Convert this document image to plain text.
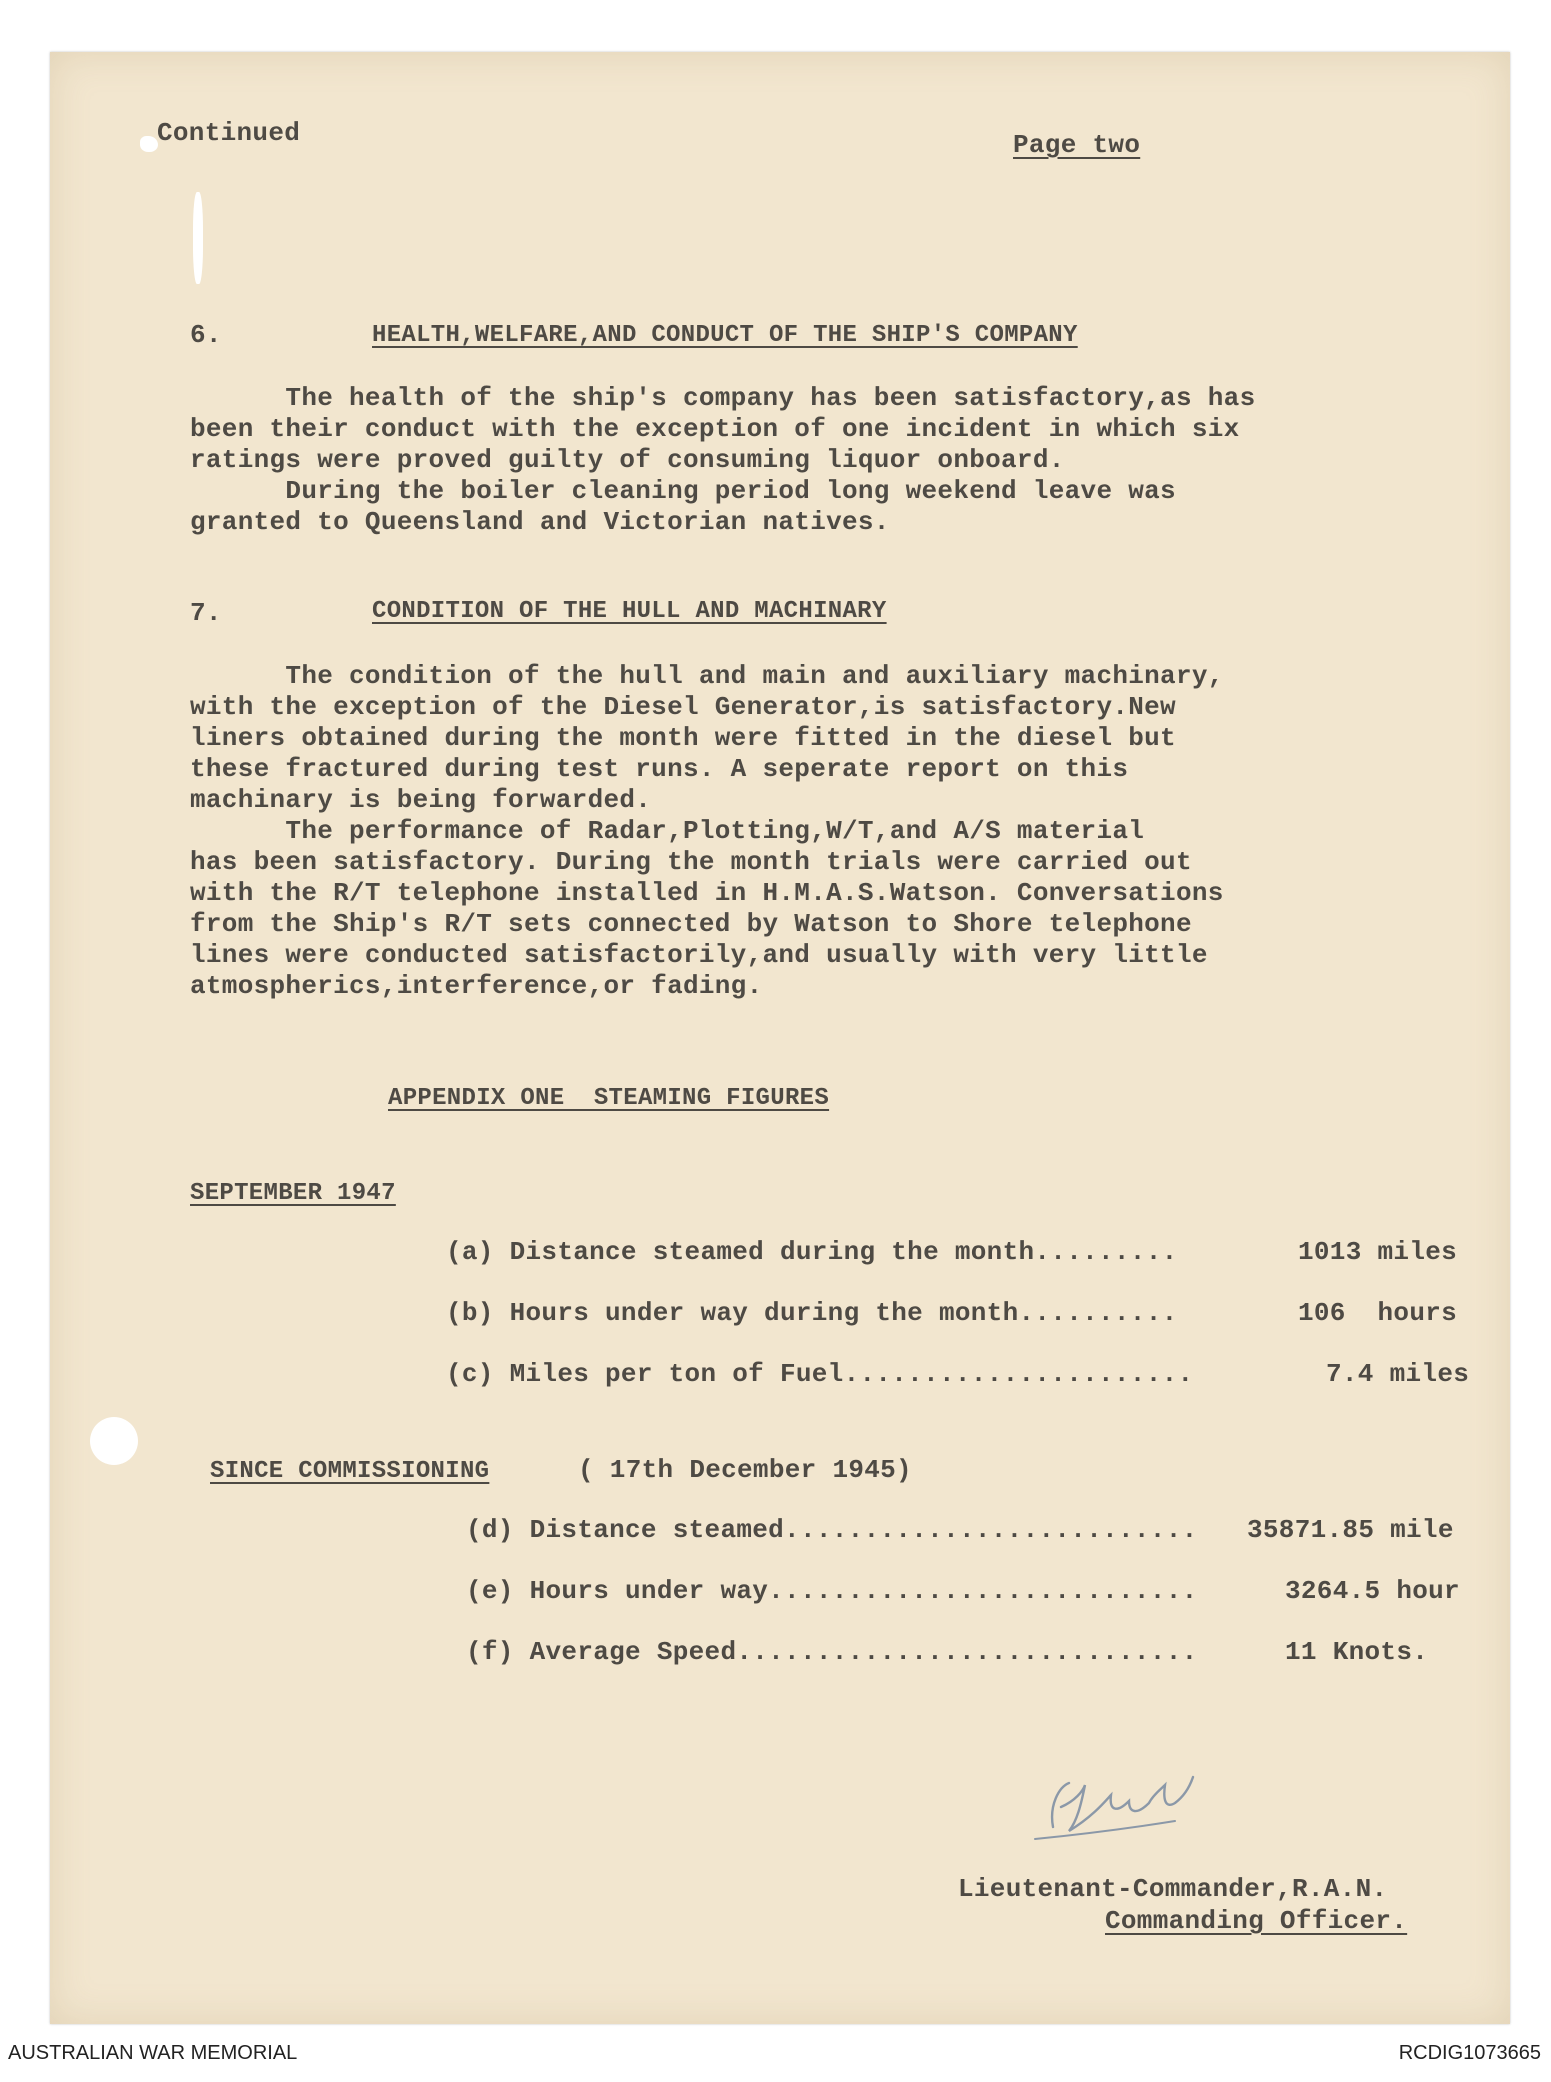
Continued	Page two
6.	HEALTH,WELFARE,AND CONDUCT OF THE SHIP'S COMPANY
The health of the ship's company has been satisfactory,as has
been their conduct with the exception of one incident in which six
ratings were proved guilty of consuming liquor onboard.
During the boiler cleaning period long weekend leave was
granted to Queensland and Victorian natives.
7.	CONDITION OF THE HULL AND MACHINARY
The condition of the hull and main and auxiliary machinary,
with the exception of the Diesel Generator,is satisfactory.New
liners obtained during the month were fitted in the diesel but
these fractured during test runs. A seperate report on this
machinary is being forwarded.
The performance of Radar,Plotting,W/T,and A/S material
has been satisfactory. During the month trials were carried out
with the R/T telephone installed in H.M.A.S.Watson. Conversations
from the Ship's R/T sets connected by Watson to Shore telephone
lines were conducted satisfactorily,and usually with very little
atmospherics,interference,or fading.
APPENDIX ONE  STEAMING FIGURES
SEPTEMBER 1947
(a) Distance steamed during the month.........	1013 miles
(b) Hours under way during the month..........	106  hours
(c) Miles per ton of Fuel......................	7.4 miles
SINCE COMMISSIONING	( 17th December 1945)
(d) Distance steamed.......................... 35871.85 mile
(e) Hours under way...........................	3264.5 hour
(f) Average Speed.............................	11 Knots.
Lieutenant-Commander,R.A.N.
Commanding Officer.
AUSTRALIAN WAR MEMORIAL	RCDIG1073665
